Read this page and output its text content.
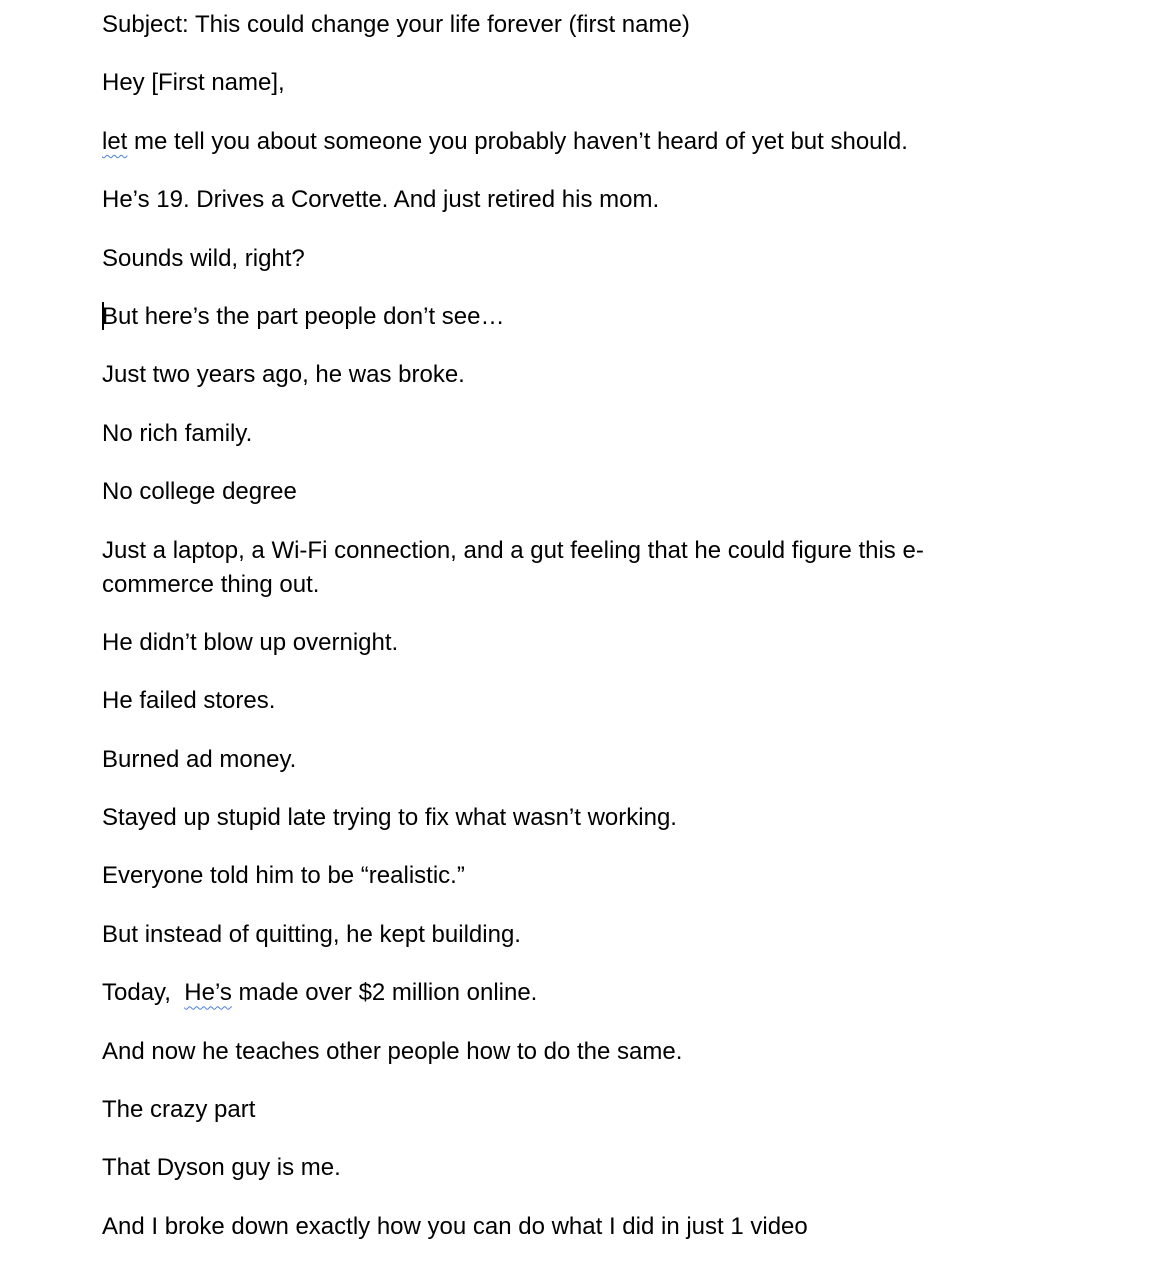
Subject: This could change your life forever (first name)

Hey [First name],

let me tell you about someone you probably haven’t heard of yet but should.

He’s 19. Drives a Corvette. And just retired his mom.

Sounds wild, right?

But here’s the part people don’t see…

Just two years ago, he was broke.

No rich family.

No college degree

Just a laptop, a Wi-Fi connection, and a gut feeling that he could figure this e-commerce thing out.

He didn’t blow up overnight.

He failed stores.

Burned ad money.

Stayed up stupid late trying to fix what wasn’t working.

Everyone told him to be “realistic.”

But instead of quitting, he kept building.

Today,  He’s made over $2 million online.

And now he teaches other people how to do the same.

The crazy part

That Dyson guy is me.

And I broke down exactly how you can do what I did in just 1 video
